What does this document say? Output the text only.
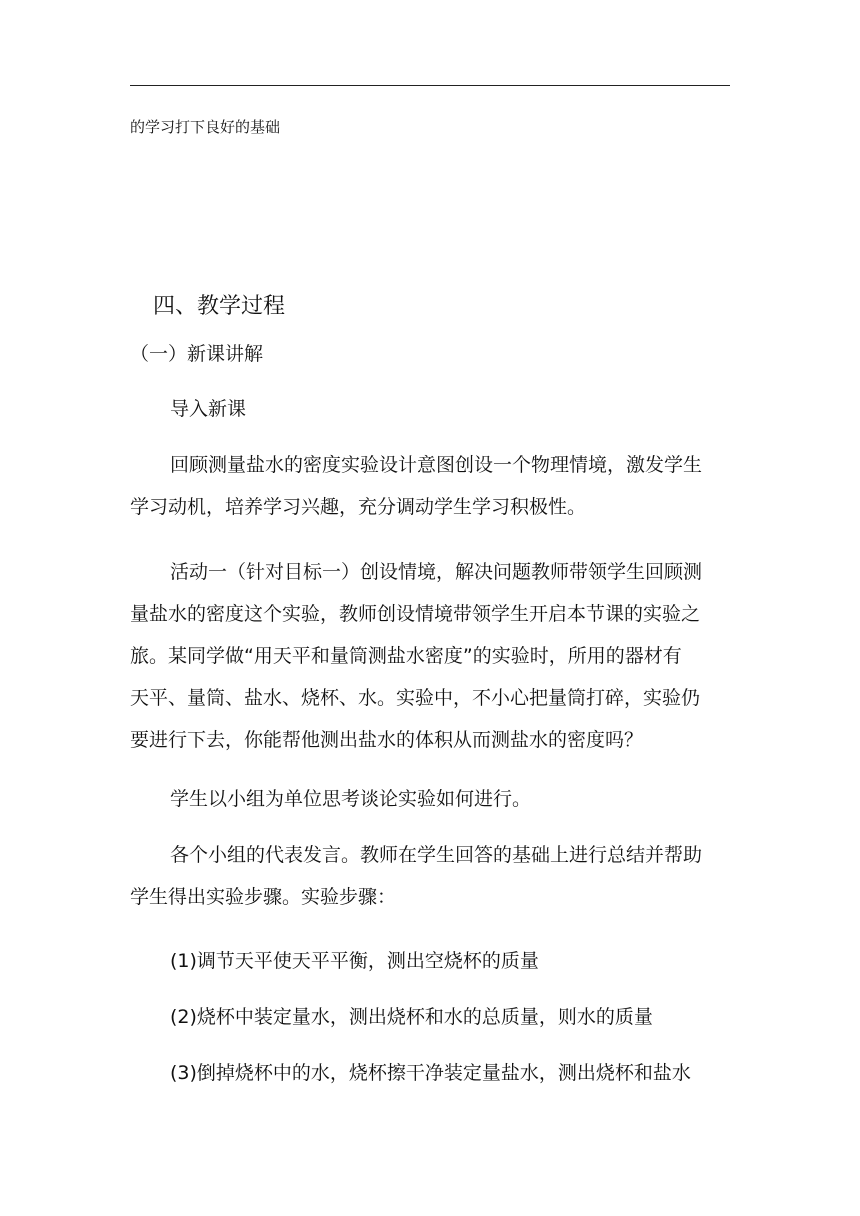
的学习打下良好的基础
四、教学过程
（一）新课讲解

导入新课

回顾测量盐水的密度实验设计意图创设一个物理情境，激发学生
学习动机，培养学习兴趣，充分调动学生学习积极性。

活动一（针对目标一）创设情境，解决问题教师带领学生回顾测
量盐水的密度这个实验，教师创设情境带领学生开启本节课的实验之
旅。某同学做“用天平和量筒测盐水密度”的实验时，所用的器材有
天平、量筒、盐水、烧杯、水。实验中，不小心把量筒打碎，实验仍
要进行下去，你能帮他测出盐水的体积从而测盐水的密度吗？

学生以小组为单位思考谈论实验如何进行。

各个小组的代表发言。教师在学生回答的基础上进行总结并帮助
学生得出实验步骤。实验步骤：

(1)调节天平使天平平衡，测出空烧杯的质量

(2)烧杯中装定量水，测出烧杯和水的总质量，则水的质量

(3)倒掉烧杯中的水，烧杯擦干净装定量盐水，测出烧杯和盐水
